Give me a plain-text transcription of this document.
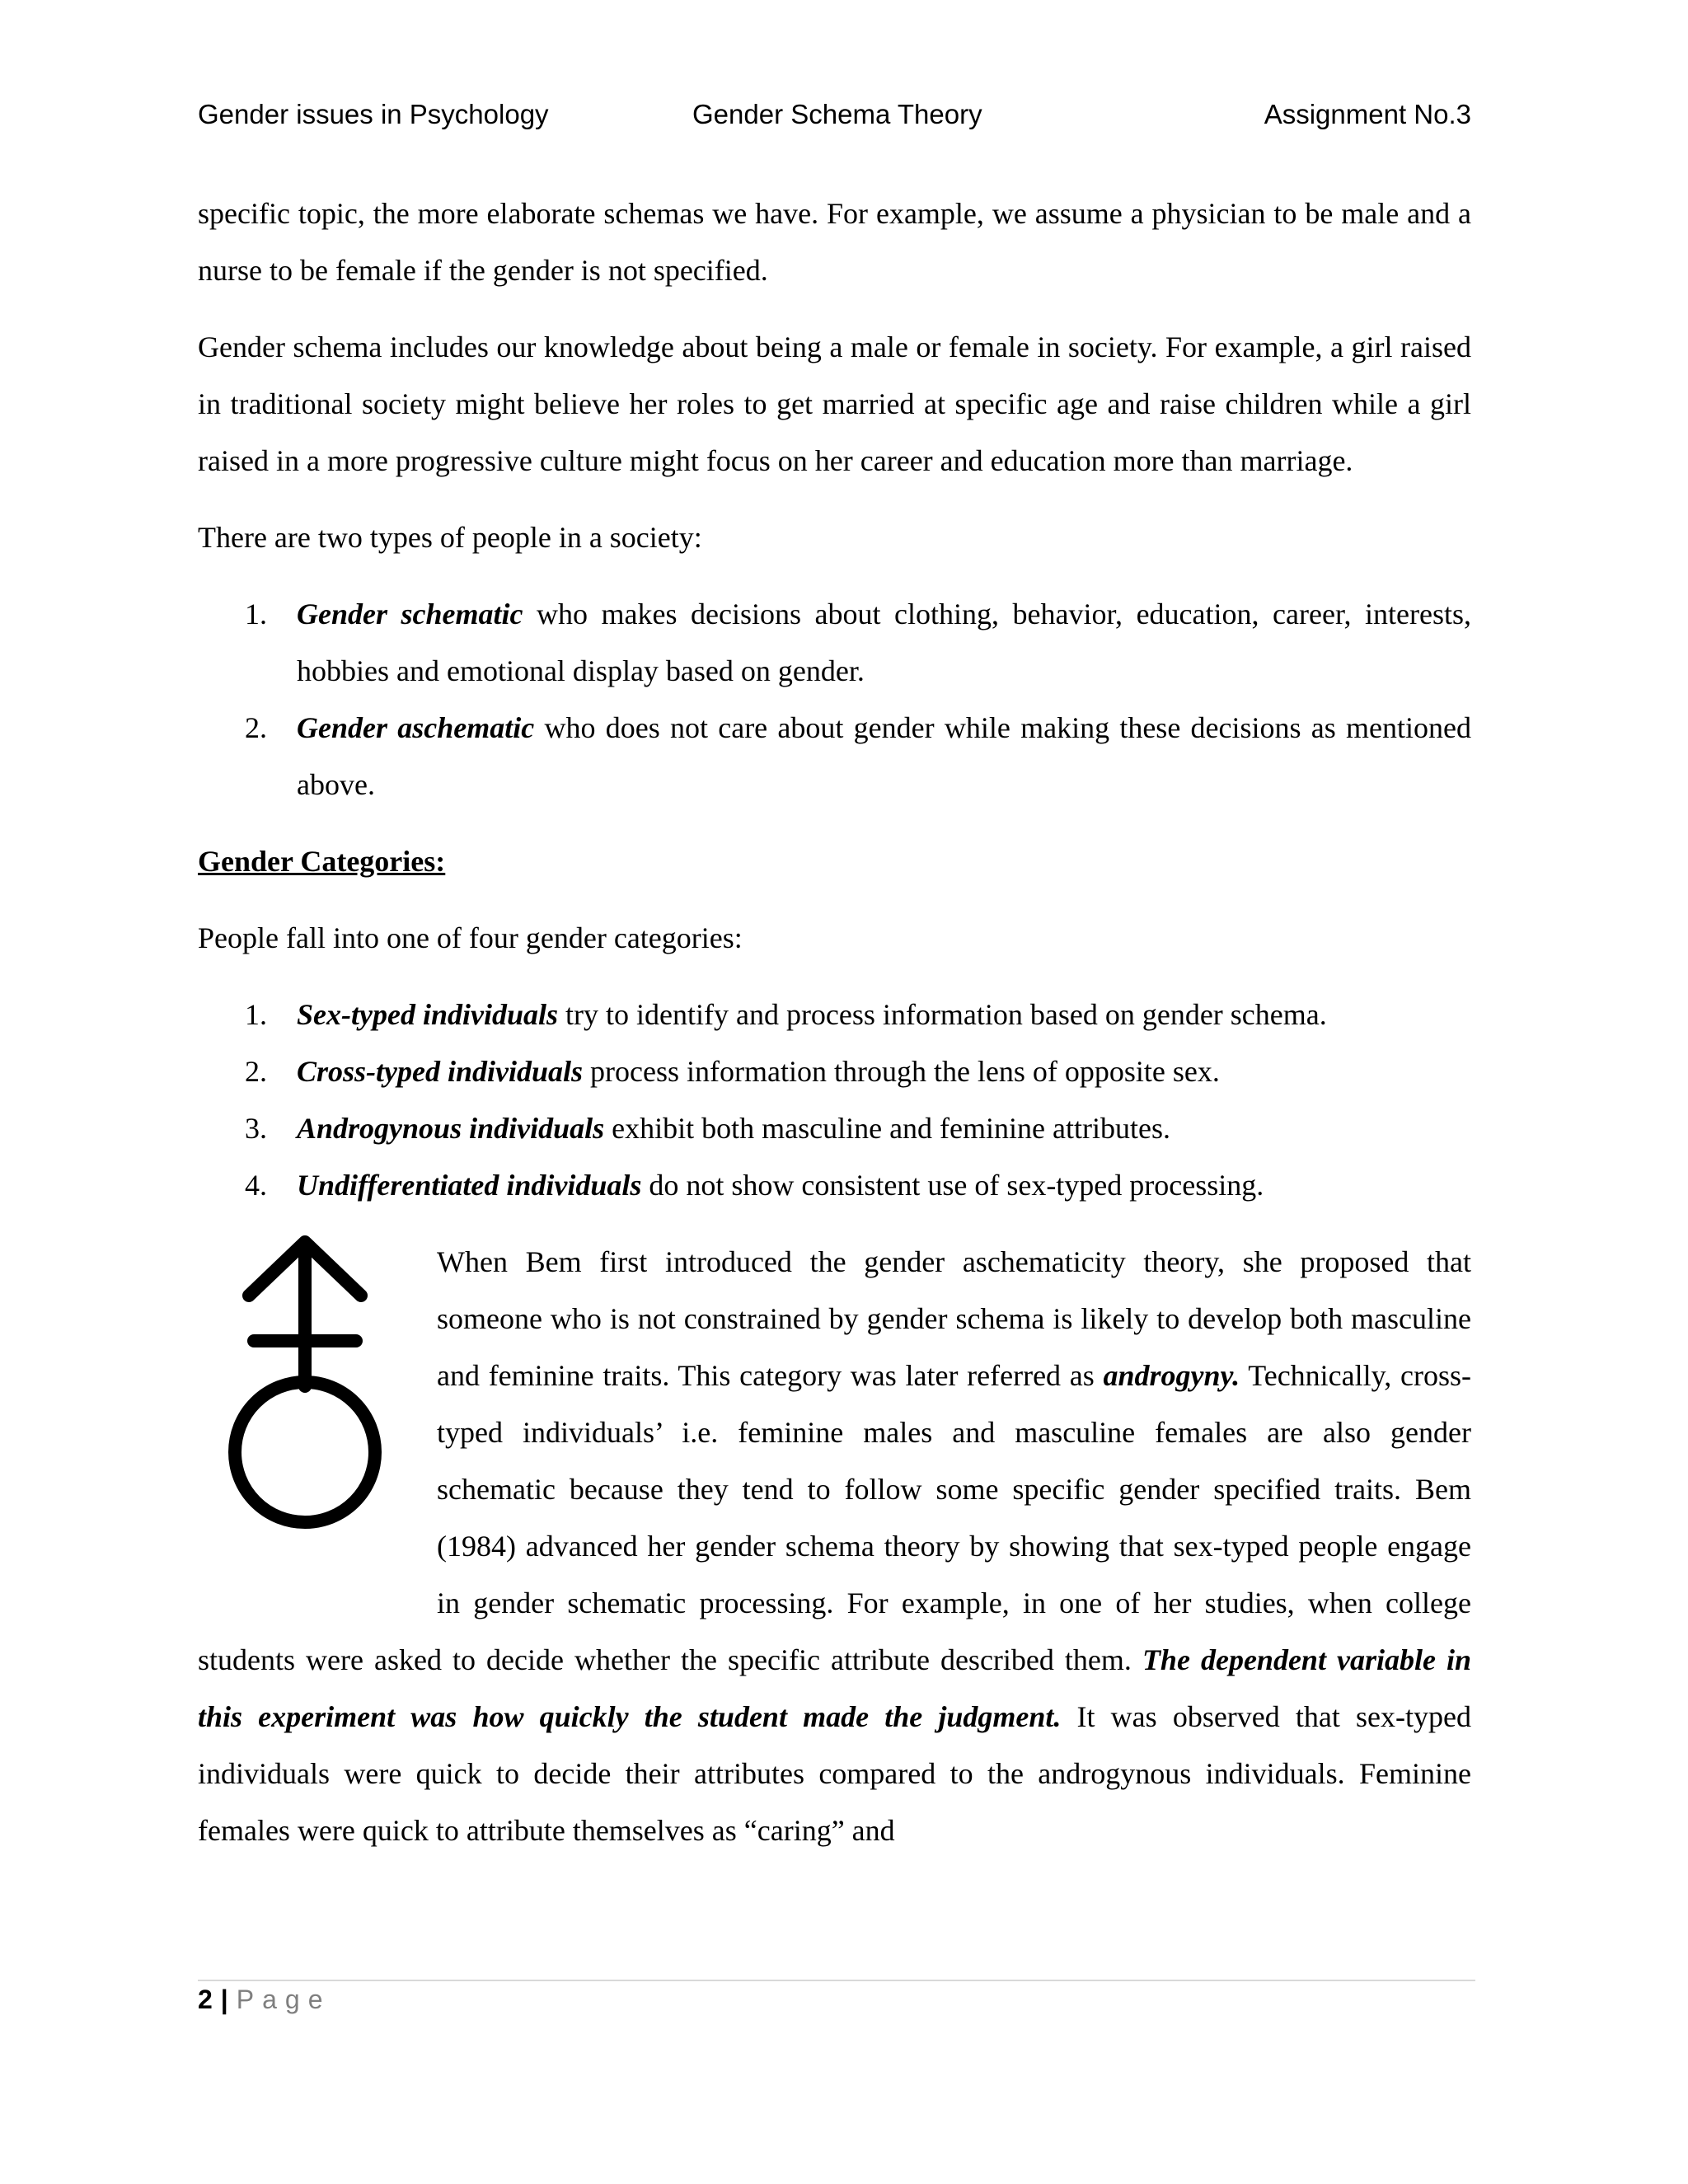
Gender issues in Psychology	Gender Schema Theory	Assignment No.3

specific topic, the more elaborate schemas we have. For example, we assume a physician to be male and a nurse to be female if the gender is not specified.

Gender schema includes our knowledge about being a male or female in society. For example, a girl raised in traditional society might believe her roles to get married at specific age and raise children while a girl raised in a more progressive culture might focus on her career and education more than marriage.

There are two types of people in a society:

1. Gender schematic who makes decisions about clothing, behavior, education, career, interests, hobbies and emotional display based on gender.
2. Gender aschematic who does not care about gender while making these decisions as mentioned above.

Gender Categories:

People fall into one of four gender categories:

1. Sex-typed individuals try to identify and process information based on gender schema.
2. Cross-typed individuals process information through the lens of opposite sex.
3. Androgynous individuals exhibit both masculine and feminine attributes.
4. Undifferentiated individuals do not show consistent use of sex-typed processing.

When Bem first introduced the gender aschematicity theory, she proposed that someone who is not constrained by gender schema is likely to develop both masculine and feminine traits. This category was later referred as androgyny. Technically, cross-typed individuals’ i.e. feminine males and masculine females are also gender schematic because they tend to follow some specific gender specified traits. Bem (1984) advanced her gender schema theory by showing that sex-typed people engage in gender schematic processing. For example, in one of her studies, when college students were asked to decide whether the specific attribute described them. The dependent variable in this experiment was how quickly the student made the judgment. It was observed that sex-typed individuals were quick to decide their attributes compared to the androgynous individuals. Feminine females were quick to attribute themselves as “caring” and

2 | Page
